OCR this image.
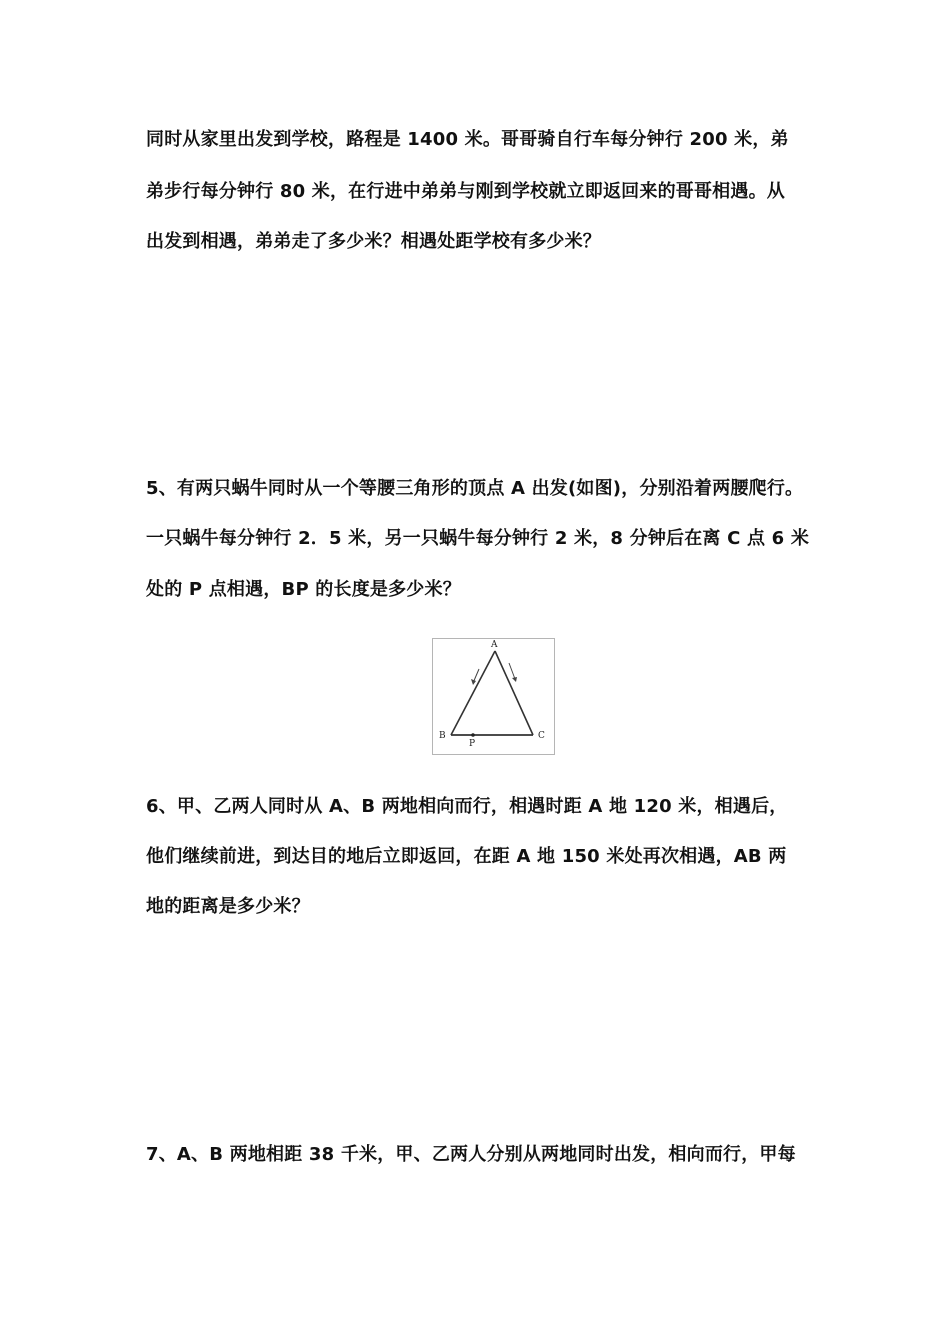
同时从家里出发到学校，路程是 1400 米。哥哥骑自行车每分钟行 200 米，弟
弟步行每分钟行 80 米，在行进中弟弟与刚到学校就立即返回来的哥哥相遇。从
出发到相遇，弟弟走了多少米？相遇处距学校有多少米？
5、有两只蜗牛同时从一个等腰三角形的顶点 A 出发(如图)，分别沿着两腰爬行。
一只蜗牛每分钟行 2．5 米，另一只蜗牛每分钟行 2 米，8 分钟后在离 C 点 6 米
处的 P 点相遇，BP 的长度是多少米？
A
B	C
P
6、甲、乙两人同时从 A、B 两地相向而行，相遇时距 A 地 120 米，相遇后，
他们继续前进，到达目的地后立即返回，在距 A 地 150 米处再次相遇，AB 两
地的距离是多少米？
7、A、B 两地相距 38 千米，甲、乙两人分别从两地同时出发，相向而行，甲每
